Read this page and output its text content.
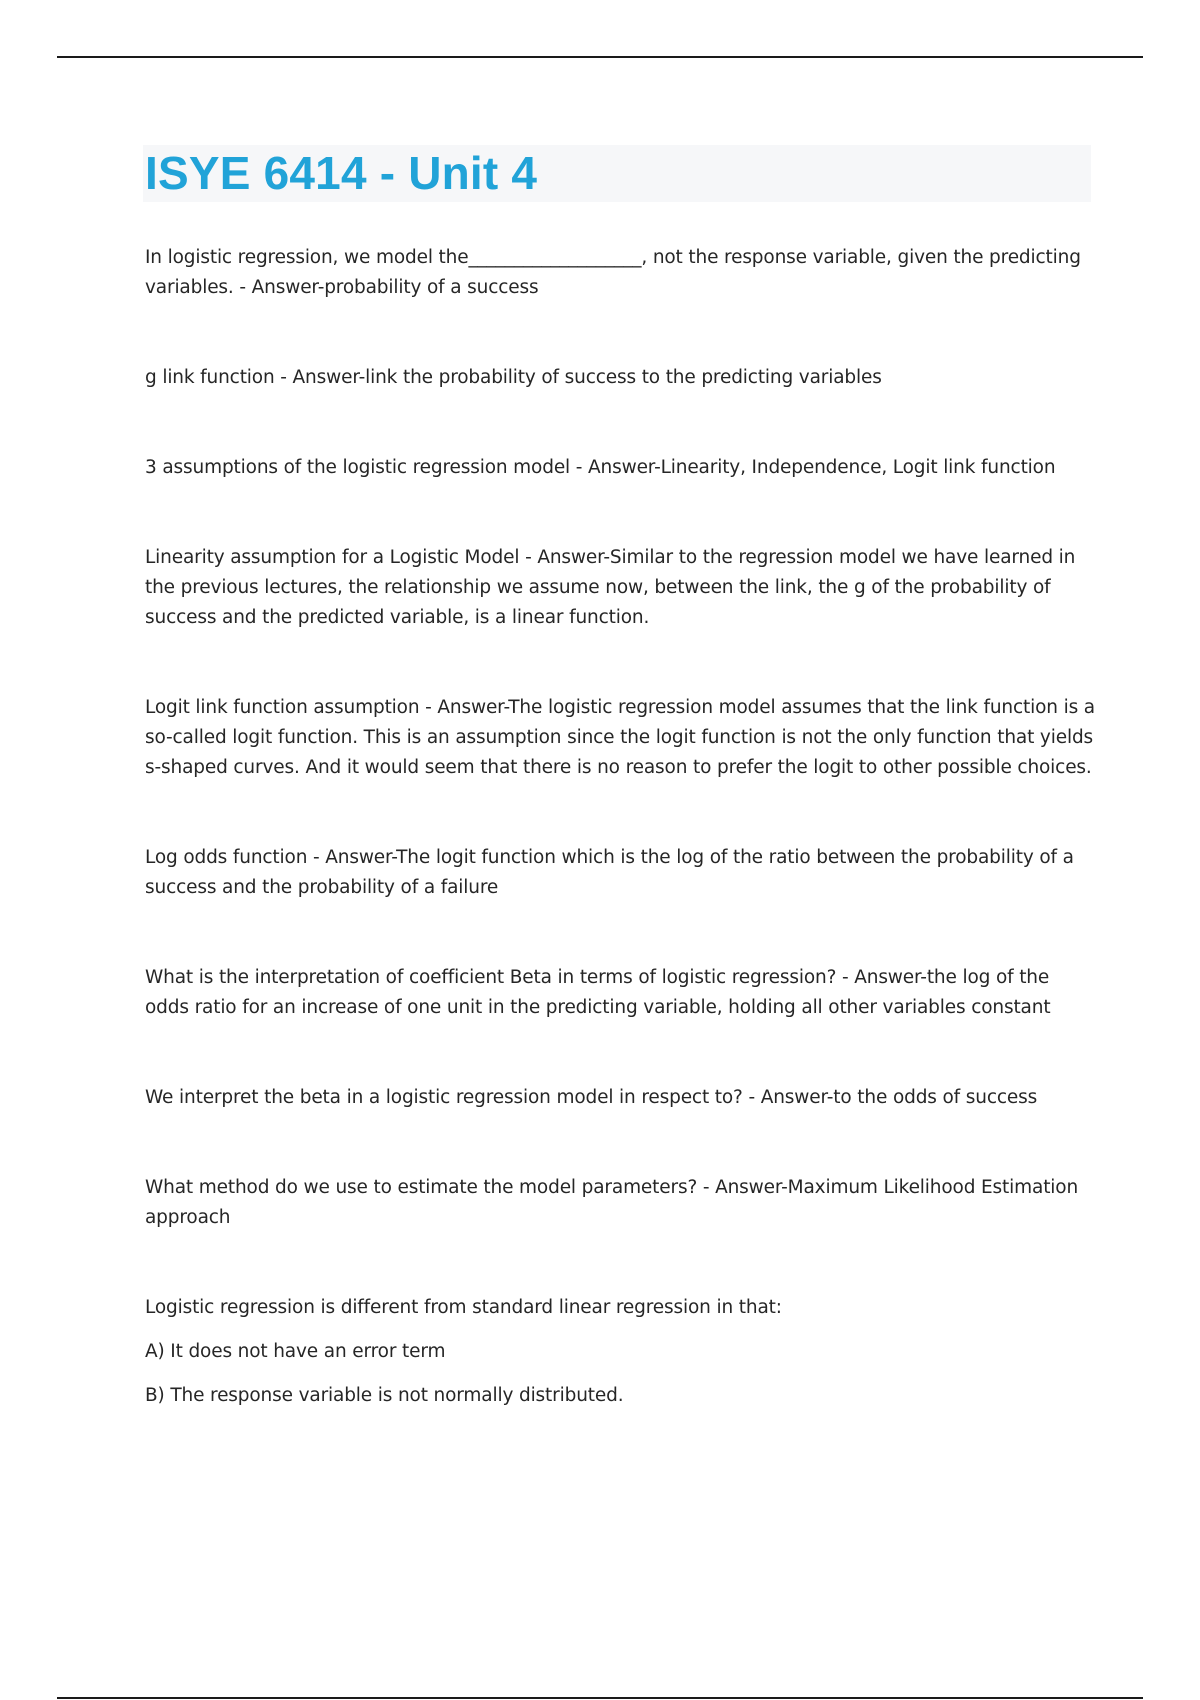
ISYE 6414 - Unit 4

In logistic regression, we model the___________________, not the response variable, given the predicting variables. - Answer-probability of a success

g link function - Answer-link the probability of success to the predicting variables

3 assumptions of the logistic regression model - Answer-Linearity, Independence, Logit link function

Linearity assumption for a Logistic Model - Answer-Similar to the regression model we have learned in the previous lectures, the relationship we assume now, between the link, the g of the probability of success and the predicted variable, is a linear function.

Logit link function assumption - Answer-The logistic regression model assumes that the link function is a so-called logit function. This is an assumption since the logit function is not the only function that yields s-shaped curves. And it would seem that there is no reason to prefer the logit to other possible choices.

Log odds function - Answer-The logit function which is the log of the ratio between the probability of a success and the probability of a failure

What is the interpretation of coefficient Beta in terms of logistic regression? - Answer-the log of the odds ratio for an increase of one unit in the predicting variable, holding all other variables constant

We interpret the beta in a logistic regression model in respect to? - Answer-to the odds of success

What method do we use to estimate the model parameters? - Answer-Maximum Likelihood Estimation approach

Logistic regression is different from standard linear regression in that:

A) It does not have an error term

B) The response variable is not normally distributed.
